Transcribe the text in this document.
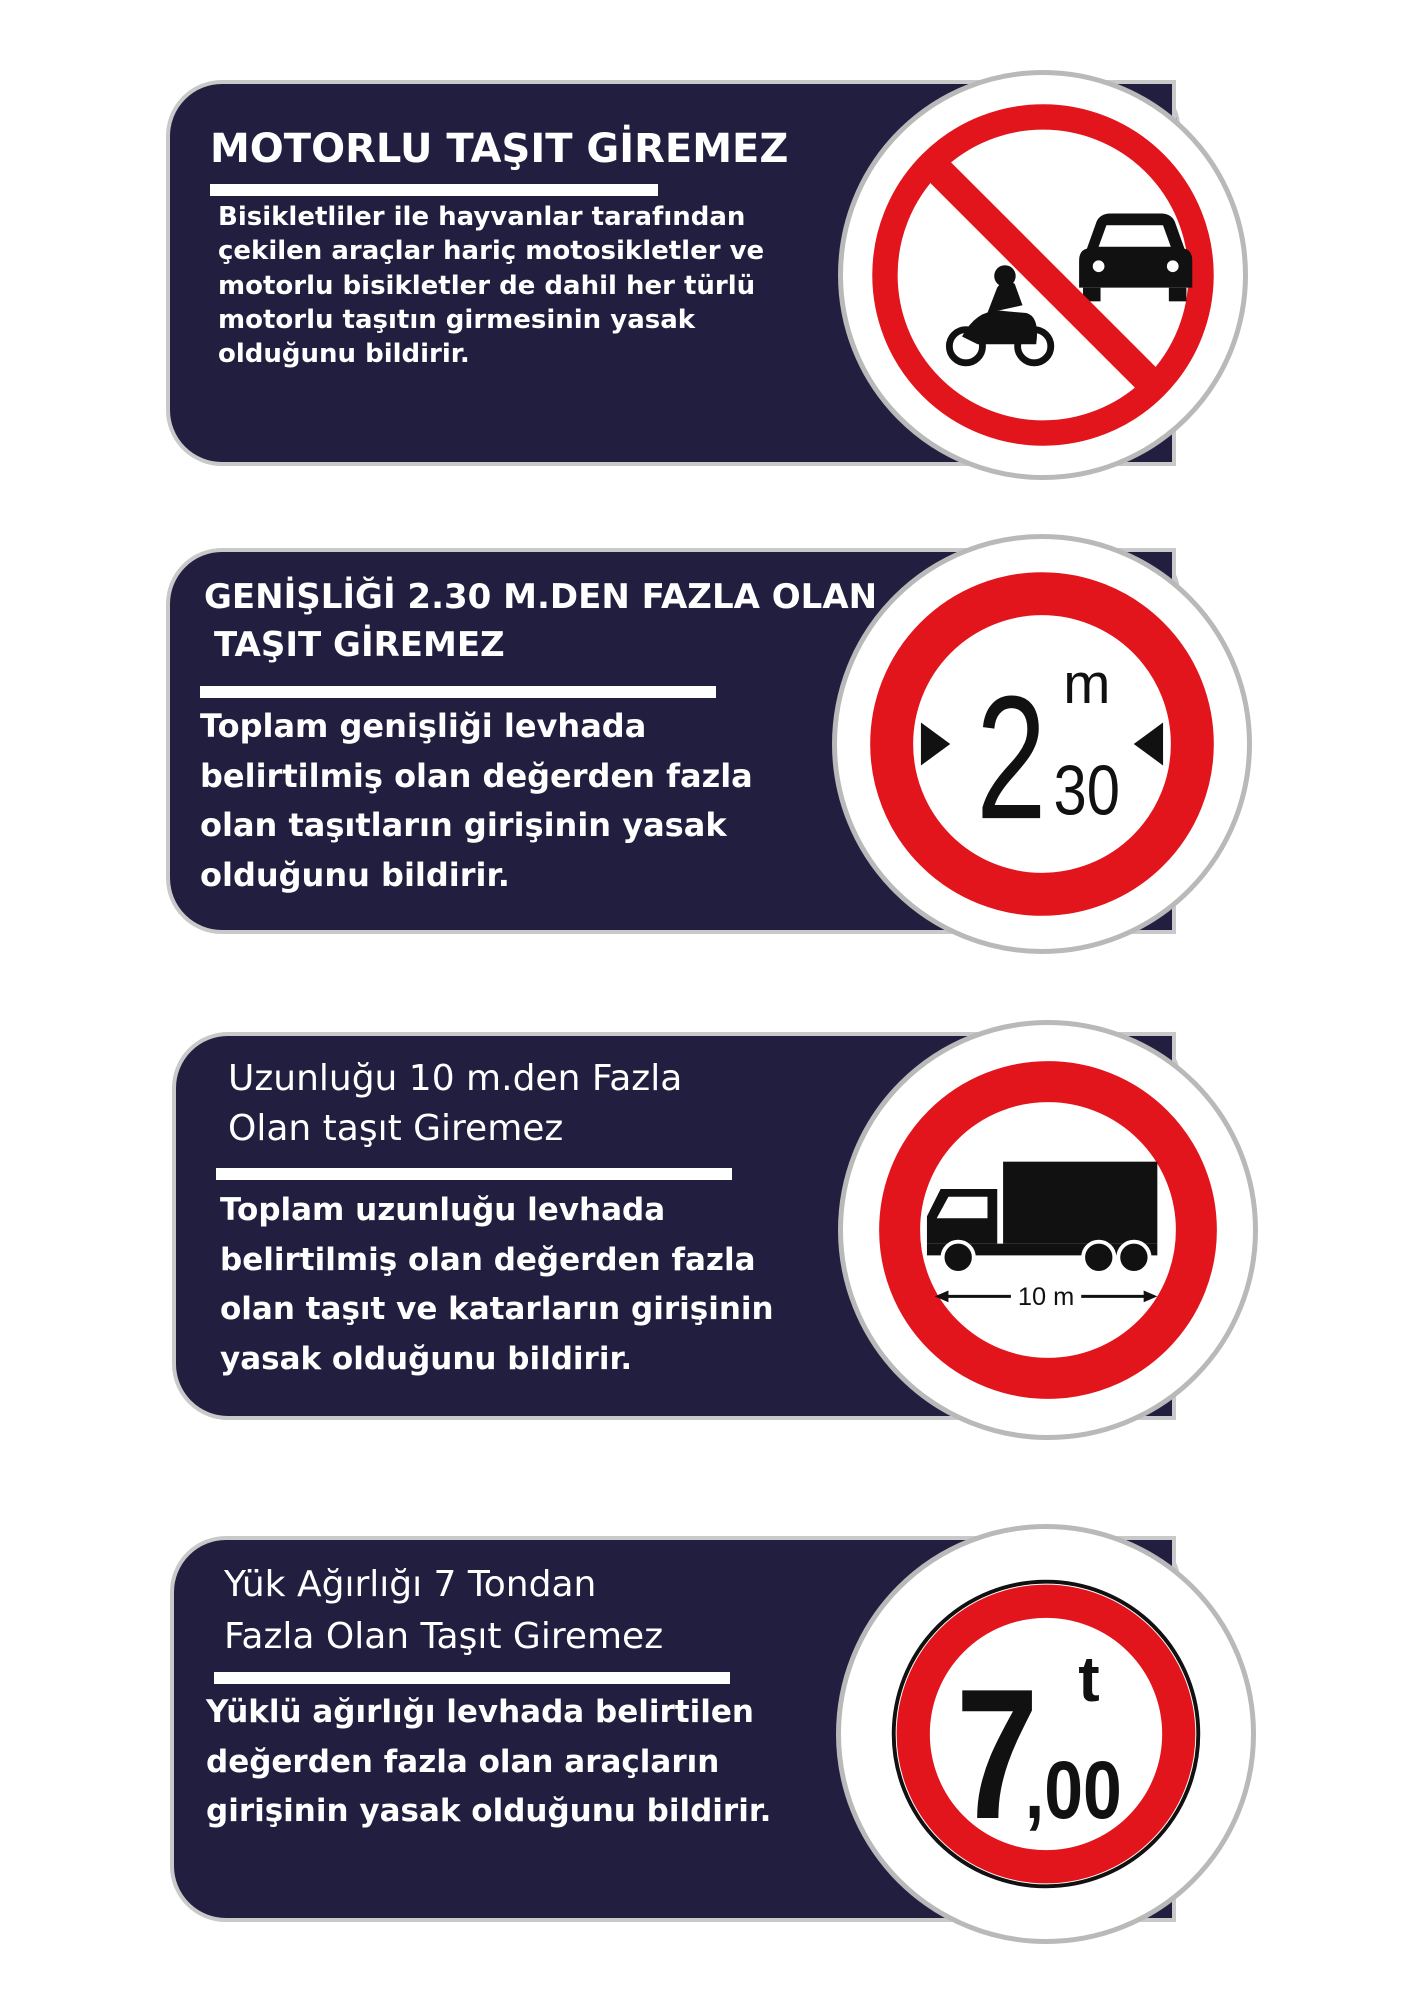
MOTORLU TAŞIT GİREMEZ
Bisikletliler ile hayvanlar tarafından çekilen araçlar hariç motosikletler ve motorlu bisikletler de dahil her türlü motorlu taşıtın girmesinin yasak olduğunu bildirir.
GENİŞLİĞİ 2.30 M.DEN FAZLA OLAN
TAŞIT GİREMEZ
Toplam genişliği levhada belirtilmiş olan değerden fazla olan taşıtların girişinin yasak olduğunu bildirir.
2 m
30
Uzunluğu 10 m.den Fazla
Olan taşıt Giremez
Toplam uzunluğu levhada belirtilmiş olan değerden fazla olan taşıt ve katarların girişinin yasak olduğunu bildirir.
10 m
Yük Ağırlığı 7 Tondan
Fazla Olan Taşıt Giremez
Yüklü ağırlığı levhada belirtilen değerden fazla olan araçların girişinin yasak olduğunu bildirir. 7 t
,00
